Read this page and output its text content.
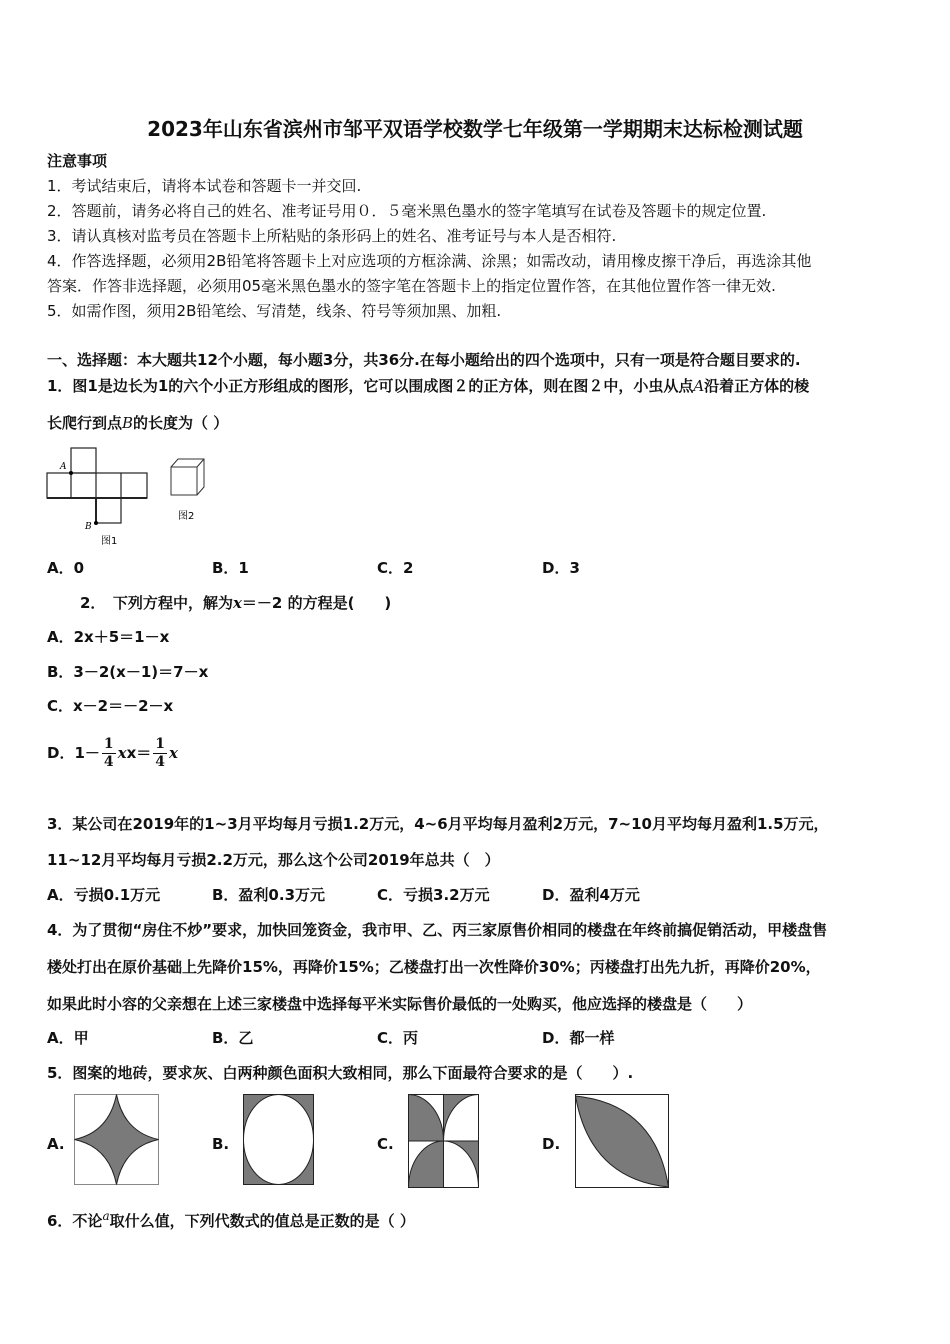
2023年山东省滨州市邹平双语学校数学七年级第一学期期末达标检测试题
注意事项
1．考试结束后，请将本试卷和答题卡一并交回.
2．答题前，请务必将自己的姓名、准考证号用０．５毫米黑色墨水的签字笔填写在试卷及答题卡的规定位置.
3．请认真核对监考员在答题卡上所粘贴的条形码上的姓名、准考证号与本人是否相符.
4．作答选择题，必须用2B铅笔将答题卡上对应选项的方框涂满、涂黑；如需改动，请用橡皮擦干净后，再选涂其他
答案．作答非选择题，必须用05毫米黑色墨水的签字笔在答题卡上的指定位置作答，在其他位置作答一律无效.
5．如需作图，须用2B铅笔绘、写清楚，线条、符号等须加黑、加粗.
一、选择题：本大题共12个小题，每小题3分，共36分.在每小题给出的四个选项中，只有一项是符合题目要求的.
1．图1是边长为1的六个小正方形组成的图形，它可以围成图２的正方体，则在图２中，小虫从点A沿着正方体的棱
长爬行到点B的长度为（ ）
A
B
图1
图2
A．0	B．1	C．2	D．3
2．　下列方程中，解为x＝－2 的方程是(　　)
A．2x＋5＝1－x
B．3－2(x－1)＝7－x
C．x－2＝－2－x
D．$1- \frac{1}{4} xx= \frac{1}{4}$ x
3．某公司在2019年的1~3月平均每月亏损1.2万元，4~6月平均每月盈利2万元，7~10月平均每月盈利1.5万元，
11~12月平均每月亏损2.2万元，那么这个公司2019年总共（　）
A．亏损0.1万元	B．盈利0.3万元	C．亏损3.2万元	D．盈利4万元
4．为了贯彻“房住不炒”要求，加快回笼资金，我市甲、乙、丙三家原售价相同的楼盘在年终前搞促销活动，甲楼盘售
楼处打出在原价基础上先降价15%，再降价15%；乙楼盘打出一次性降价30%；丙楼盘打出先九折，再降价20%，
如果此时小容的父亲想在上述三家楼盘中选择每平米实际售价最低的一处购买，他应选择的楼盘是（　　）
A．甲	B．乙	C．丙	D．都一样
5．图案的地砖，要求灰、白两种颜色面积大致相同，那么下面最符合要求的是（　　）.
A.	B.	C.	D.
6．不论$^a$取什么值，下列代数式的值总是正数的是（ ）
